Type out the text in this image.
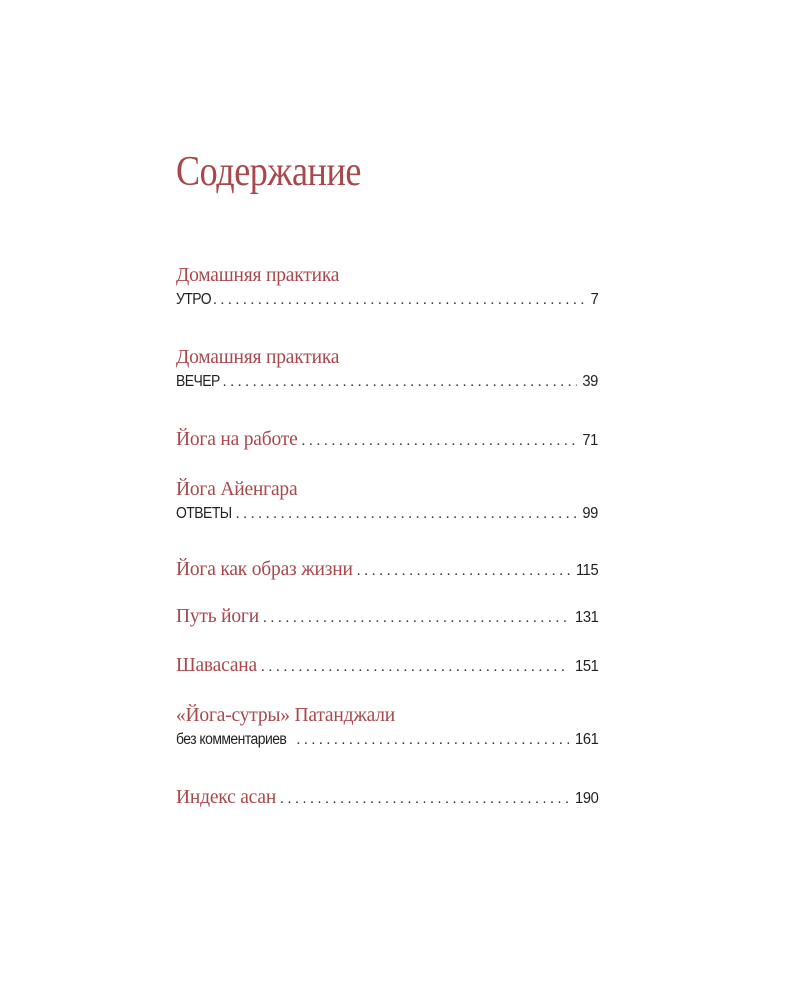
Содержание
Домашняя практика
УТРО . . .	7
Домашняя практика
ВЕЧЕР . . .	39
Йога на работе . . .	71
Йога Айенгара
ОТВЕТЫ . . .	99
Йога как образ жизни . . .	115
Путь йоги . . .	131
Шавасана . . .	151
«Йога-сутры» Патанджали
без комментариев . . .	161
Индекс асан . . .	190
